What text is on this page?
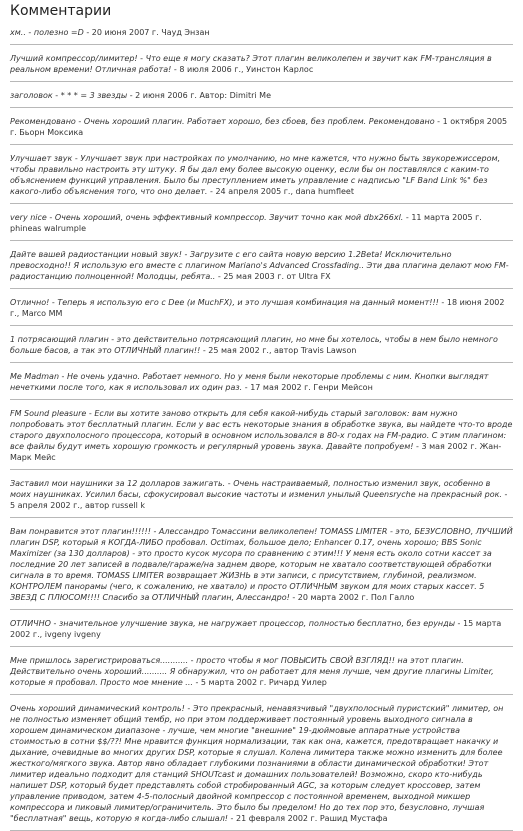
Комментарии
хм.. - полезно =D - 20 июня 2007 г. Чауд Энзан
Лучший компрессор/лимитер! - Что еще я могу сказать? Этот плагин великолепен и звучит как FM-трансляция в реальном времени! Отличная работа! - 8 июля 2006 г., Уинстон Карлос
заголовок - * * * = 3 звезды - 2 июня 2006 г. Автор: Dimitri Me
Рекомендовано - Очень хороший плагин. Работает хорошо, без сбоев, без проблем. Рекомендовано - 1 октября 2005 г. Бьорн Моксика
Улучшает звук - Улучшает звук при настройках по умолчанию, но мне кажется, что нужно быть звукорежиссером, чтобы правильно настроить эту штуку. Я бы дал ему более высокую оценку, если бы он поставлялся с каким-то объяснением функций управления. Было бы преступлением иметь управление с надписью "LF Band Link %" без какого-либо объяснения того, что оно делает. - 24 апреля 2005 г., dana humfleet
very nice - Очень хороший, очень эффективный компрессор. Звучит точно как мой dbx266xl. - 11 марта 2005 г. phineas walrumple
Дайте вашей радиостанции новый звук! - Загрузите с его сайта новую версию 1.2Beta! Исключительно превосходно!! Я использую его вместе с плагином Mariano's Advanced Crossfading.. Эти два плагина делают мою FM-радиостанцию полноценной! Молодцы, ребята.. - 25 мая 2003 г. от Ultra FX
Отлично! - Теперь я использую его с Dee (и MuchFX), и это лучшая комбинация на данный момент!!! - 18 июня 2002 г., Marco MM
1 потрясающий плагин - это действительно потрясающий плагин, но мне бы хотелось, чтобы в нем было немного больше басов, а так это ОТЛИЧНЫЙ плагин!! - 25 мая 2002 г., автор Travis Lawson
Me Madman - Не очень удачно. Работает немного. Но у меня были некоторые проблемы с ним. Кнопки выглядят нечеткими после того, как я использовал их один раз. - 17 мая 2002 г. Генри Мейсон
FM Sound pleasure - Если вы хотите заново открыть для себя какой-нибудь старый заголовок: вам нужно попробовать этот бесплатный плагин. Если у вас есть некоторые знания в обработке звука, вы найдете что-то вроде старого двухполосного процессора, который в основном использовался в 80-х годах на FM-радио. С этим плагином: все файлы будут иметь хорошую громкость и регулярный уровень звука. Давайте попробуем! - 3 мая 2002 г. Жан-Марк Мейс
Заставил мои наушники за 12 долларов зажигать. - Очень настраиваемый, полностью изменил звук, особенно в моих наушниках. Усилил басы, сфокусировал высокие частоты и изменил унылый Queensryche на прекрасный рок. - 5 апреля 2002 г., автор russell k
Вам понравится этот плагин!!!!!! - Алессандро Томассини великолепен! TOMASS LIMITER - это, БЕЗУСЛОВНО, ЛУЧШИЙ плагин DSP, который я КОГДА-ЛИБО пробовал. Octimax, большое дело; Enhancer 0.17, очень хорошо; BBS Sonic Maximizer (за 130 долларов) - это просто кусок мусора по сравнению с этим!!! У меня есть около сотни кассет за последние 20 лет записей в подвале/гараже/на заднем дворе, которым не хватало соответствующей обработки сигнала в то время. TOMASS LIMITER возвращает ЖИЗНЬ в эти записи, с присутствием, глубиной, реализмом. КОНТРОЛЕМ панорамы (чего, к сожалению, не хватало) и просто ОТЛИЧНЫМ звуком для моих старых кассет. 5 ЗВЕЗД С ПЛЮСОМ!!!! Спасибо за ОТЛИЧНЫЙ плагин, Алессандро! - 20 марта 2002 г. Пол Галло
ОТЛИЧНО - значительное улучшение звука, не нагружает процессор, полностью бесплатно, без ерунды - 15 марта 2002 г., ivgeny ivgeny
Мне пришлось зарегистрироваться........... - просто чтобы я мог ПОВЫСИТЬ СВОЙ ВЗГЛЯД!! на этот плагин. Действительно очень хороший.......... Я обнаружил, что он работает для меня лучше, чем другие плагины Limiter, которые я пробовал. Просто мое мнение ... - 5 марта 2002 г. Ричард Уилер
Очень хороший динамический контроль! - Это прекрасный, ненавязчивый "двухполосный пуристский" лимитер, он не полностью изменяет общий тембр, но при этом поддерживает постоянный уровень выходного сигнала в хорошем динамическом диапазоне - лучше, чем многие "внешние" 19-дюймовые аппаратные устройства стоимостью в сотни $$/??! Мне нравится функция нормализации, так как она, кажется, предотвращает накачку и дыхание, очевидные во многих других DSP, которые я слушал. Колена лимитера также можно изменить для более жесткого/мягкого звука. Автор явно обладает глубокими познаниями в области динамической обработки! Этот лимитер идеально подходит для станций SHOUTcast и домашних пользователей! Возможно, скоро кто-нибудь напишет DSP, который будет представлять собой стробированный AGC, за которым следует кроссовер, затем управление приводом, затем 4-5-полосный двойной компрессор с постоянной временем, выходной микшер компрессора и пиковый лимитер/ограничитель. Это было бы пределом! Но до тех пор это, безусловно, лучшая "бесплатная" вещь, которую я когда-либо слышал! - 21 февраля 2002 г. Рашид Мустафа
